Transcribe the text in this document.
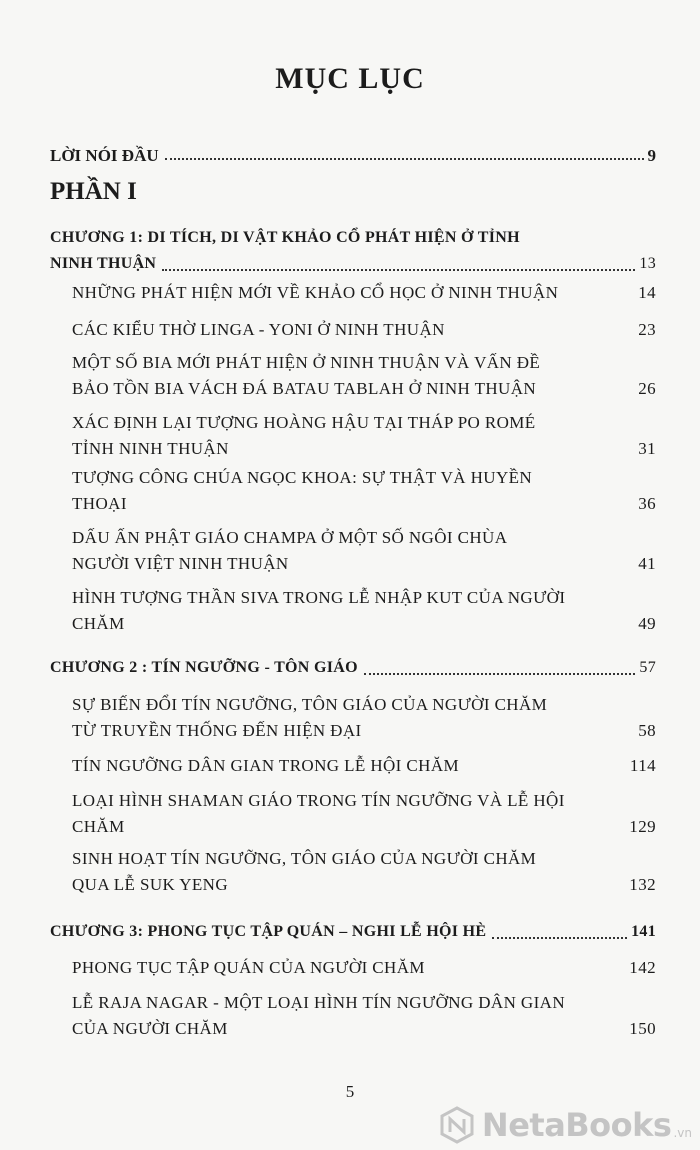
MỤC LỤC
LỜI NÓI ĐẦU	9
PHẦN I
CHƯƠNG 1: DI TÍCH, DI VẬT KHẢO CỔ PHÁT HIỆN Ở TỈNH
NINH THUẬN	13
NHỮNG PHÁT HIỆN MỚI VỀ KHẢO CỔ HỌC Ở NINH THUẬN	14
CÁC KIỂU THỜ LINGA - YONI Ở NINH THUẬN	23
MỘT SỐ BIA MỚI PHÁT HIỆN Ở NINH THUẬN VÀ VẤN ĐỀ
BẢO TỒN BIA VÁCH ĐÁ BATAU TABLAH Ở NINH THUẬN	26
XÁC ĐỊNH LẠI TƯỢNG HOÀNG HẬU TẠI THÁP PO ROMÉ
TỈNH NINH THUẬN	31
TƯỢNG CÔNG CHÚA NGỌC KHOA: SỰ THẬT VÀ HUYỀN
THOẠI	36
DẤU ẤN PHẬT GIÁO CHAMPA Ở MỘT SỐ NGÔI CHÙA
NGƯỜI VIỆT NINH THUẬN	41
HÌNH TƯỢNG THẦN SIVA TRONG LỄ NHẬP KUT CỦA NGƯỜI
CHĂM	49
CHƯƠNG 2 : TÍN NGƯỠNG - TÔN GIÁO	57
SỰ BIẾN ĐỔI TÍN NGƯỠNG, TÔN GIÁO CỦA NGƯỜI CHĂM
TỪ TRUYỀN THỐNG ĐẾN HIỆN ĐẠI	58
TÍN NGƯỠNG DÂN GIAN TRONG LỄ HỘI CHĂM	114
LOẠI HÌNH SHAMAN GIÁO TRONG TÍN NGƯỠNG VÀ LỄ HỘI
CHĂM	129
SINH HOẠT TÍN NGƯỠNG, TÔN GIÁO CỦA NGƯỜI CHĂM
QUA LỄ SUK YENG	132
CHƯƠNG 3: PHONG TỤC TẬP QUÁN – NGHI LỄ HỘI HÈ	141
PHONG TỤC TẬP QUÁN CỦA NGƯỜI CHĂM	142
LỄ RAJA NAGAR - MỘT LOẠI HÌNH TÍN NGƯỠNG DÂN GIAN
CỦA NGƯỜI CHĂM	150
5
NetaBooks .vn
